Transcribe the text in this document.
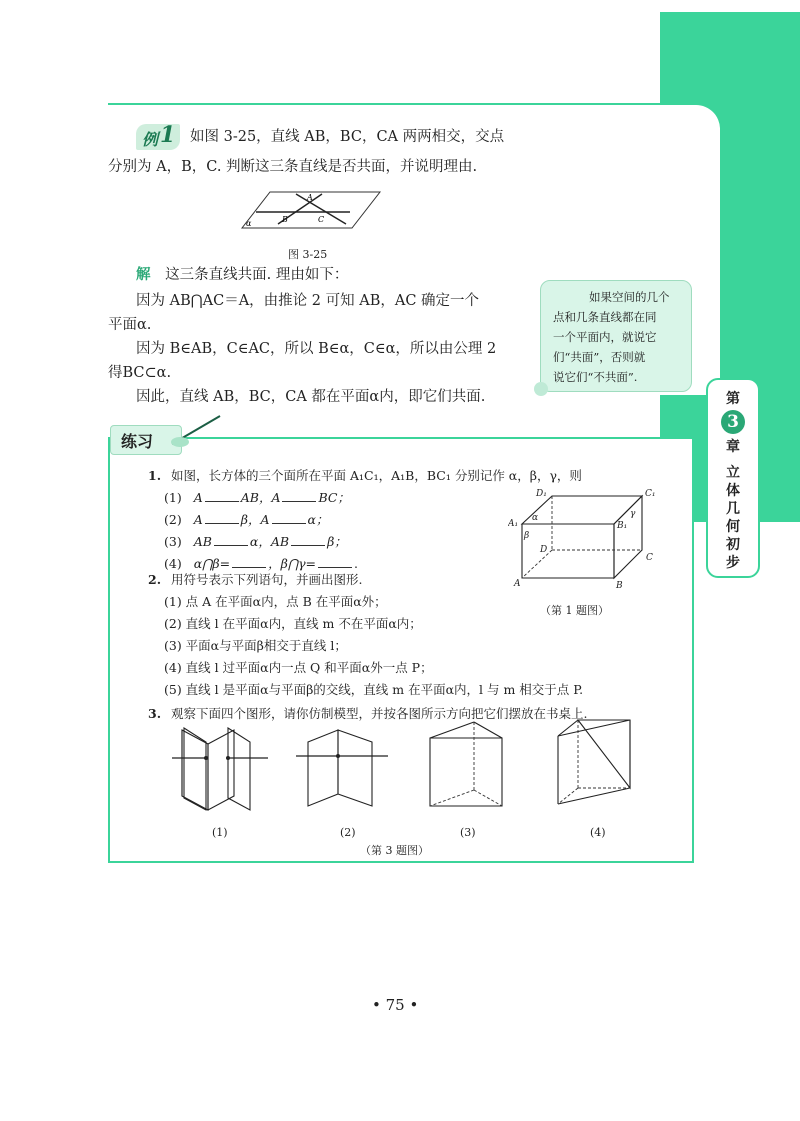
例 1 如图 3-25，直线 AB，BC，CA 两两相交，交点
分别为 A，B，C. 判断这三条直线是否共面，并说明理由.
A
B	C
α
图 3-25
解 这三条直线共面. 理由如下：
因为 AB⋂AC＝A，由推论 2 可知 AB，AC 确定一个
平面α.
因为 B∈AB，C∈AC，所以 B∈α，C∈α，所以由公理 2
得BC⊂α.
因此，直线 AB，BC，CA 都在平面α内，即它们共面.
如果空间的几个
点和几条直线都在同
一个平面内，就说它
们“共面”，否则就
说它们“不共面”.
第
3
章
立
体
几
何
初
步
练习
1. 如图，长方体的三个面所在平面 A₁C₁，A₁B，BC₁ 分别记作 α，β，γ，则
(1) A	AB，A	BC；
(2) A	β，A	α；
(3) AB	α，AB	β；
(4) α⋂β=	，β⋂γ=	.
D₁	C₁
A₁	B₁
α	γ
β
D
C
A	B
（第 1 题图）
2. 用符号表示下列语句，并画出图形.
(1) 点 A 在平面α内，点 B 在平面α外；
(2) 直线 l 在平面α内，直线 m 不在平面α内；
(3) 平面α与平面β相交于直线 l；
(4) 直线 l 过平面α内一点 Q 和平面α外一点 P；
(5) 直线 l 是平面α与平面β的交线，直线 m 在平面α内，l 与 m 相交于点 P.
3. 观察下面四个图形，请你仿制模型，并按各图所示方向把它们摆放在书桌上.
(1)	(2)	(3)	(4)
（第 3 题图）
• 75 •
